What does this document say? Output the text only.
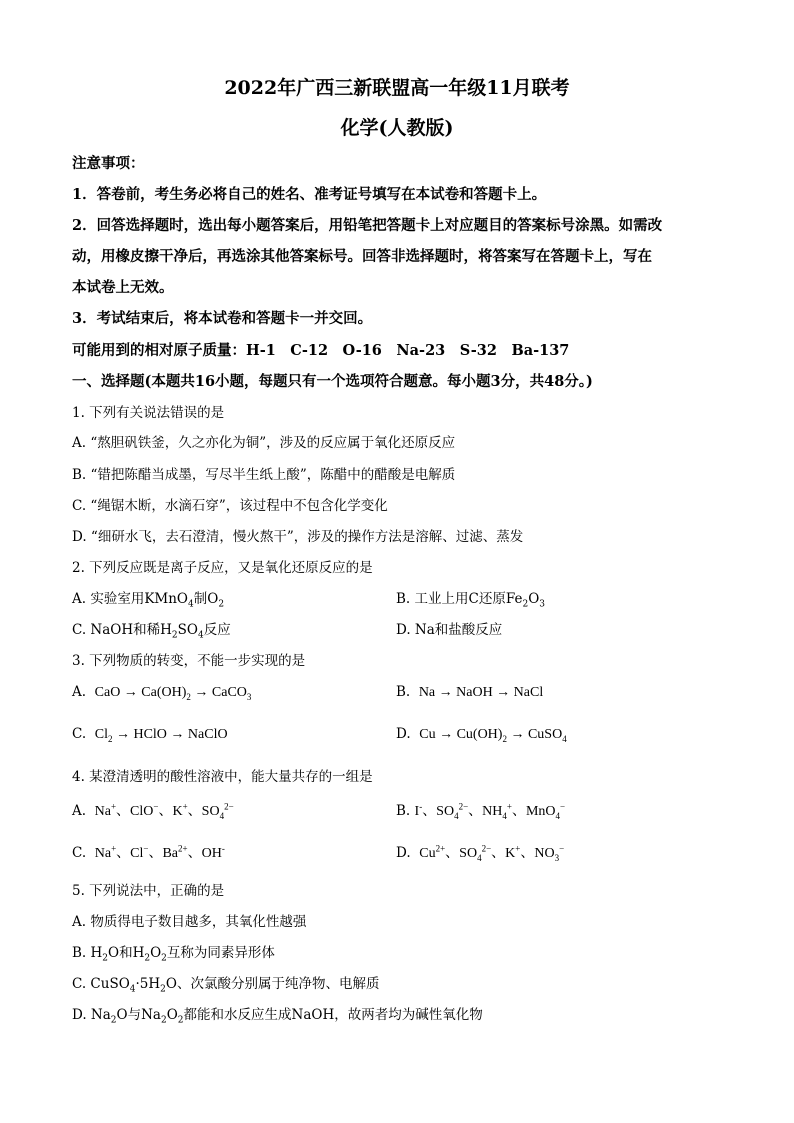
2022年广西三新联盟高一年级11月联考
化学(人教版)

注意事项：

1．答卷前，考生务必将自己的姓名、准考证号填写在本试卷和答题卡上。

2．回答选择题时，选出每小题答案后，用铅笔把答题卡上对应题目的答案标号涂黑。如需改

动，用橡皮擦干净后，再选涂其他答案标号。回答非选择题时，将答案写在答题卡上，写在

本试卷上无效。

3．考试结束后，将本试卷和答题卡一并交回。

可能用到的相对原子质量：H-1　C-12　O-16　Na-23　S-32　Ba-137

一、选择题(本题共16小题，每题只有一个选项符合题意。每小题3分，共48分。)

1. 下列有关说法错误的是

A. “熬胆矾铁釜，久之亦化为铜”，涉及的反应属于氧化还原反应

B. “错把陈醋当成墨，写尽半生纸上酸”，陈醋中的醋酸是电解质

C. “绳锯木断，水滴石穿”，该过程中不包含化学变化

D. “细研水飞，去石澄清，慢火熬干”，涉及的操作方法是溶解、过滤、蒸发

2. 下列反应既是离子反应，又是氧化还原反应的是

A. 实验室用KMnO$_4$制$O_2$	B. 工业上用C还原$Fe_2O_3$

C. NaOH和稀$H_2SO_4$反应	D. Na和盐酸反应

3. 下列物质的转变，不能一步实现的是

A. CaO → $Ca(OH)_2$ → CaCO$_3$	B. Na → NaOH → NaCl

C. $Cl_2$ → HClO → NaClO	D. $Cu \to Cu(OH)_2$ → CuSO$_4$

4. 某澄清透明的酸性溶液中，能大量共存的一组是

A. Na+、ClO−、K+、$SO_4^{2-}$	B. I-、$SO_4^{2-}$、$NH_4^+$、MnO$_4$−

C. Na+、Cl−、$Ba^{2+}$、OH-	D. $Cu^{2+}$、$SO_4^{2-}$、K+、$NO_3^-$

5. 下列说法中，正确的是

A. 物质得电子数目越多，其氧化性越强

B. $H_2O$和$H_2O_2$互称为同素异形体

C. $CuSO_4\cdot 5H_2O$、次氯酸分别属于纯净物、电解质

D. $Na_2O$与$Na_2O_2$都能和水反应生成NaOH，故两者均为碱性氧化物
